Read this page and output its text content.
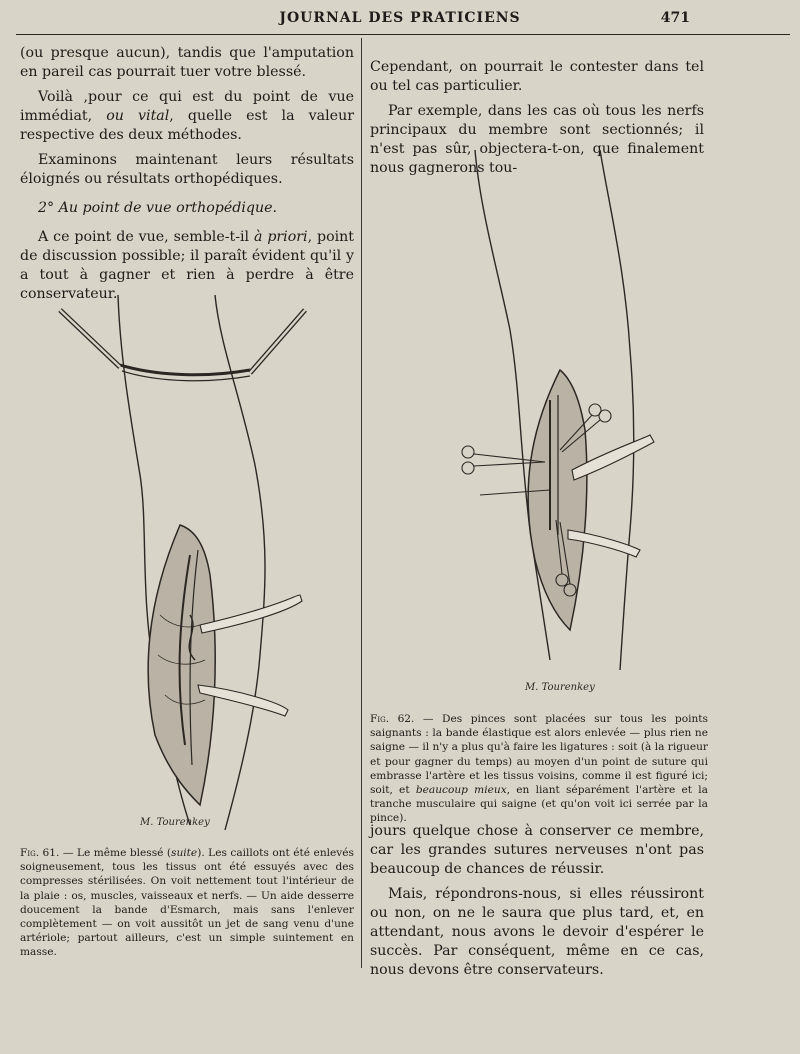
JOURNAL DES PRATICIENS	471

(ou presque aucun), tandis que l'amputation en pareil cas pourrait tuer votre blessé.

Voilà ,pour ce qui est du point de vue immédiat, ou vital, quelle est la valeur respective des deux méthodes.

Examinons maintenant leurs résultats éloignés ou résultats orthopédiques.

2° Au point de vue orthopédique.

A ce point de vue, semble-t-il à priori, point de discussion possible; il paraît évident qu'il y a tout à gagner et rien à perdre à être conservateur.

M. Tourenkey
Fig. 61. — Le même blessé (suite). Les caillots ont été enlevés soigneusement, tous les tissus ont été essuyés avec des compresses stérilisées. On voit nettement tout l'intérieur de la plaie : os, muscles, vaisseaux et nerfs. — Un aide desserre doucement la bande d'Esmarch, mais sans l'enlever complètement — on voit aussitôt un jet de sang venu d'une artériole; partout ailleurs, c'est un simple suintement en masse.

Cependant, on pourrait le contester dans tel ou tel cas particulier.

Par exemple, dans les cas où tous les nerfs principaux du membre sont sectionnés; il n'est pas sûr, objectera-t-on, que finalement nous gagnerons tou-

M. Tourenkey
Fig. 62. — Des pinces sont placées sur tous les points saignants : la bande élastique est alors enlevée — plus rien ne saigne — il n'y a plus qu'à faire les ligatures : soit (à la rigueur et pour gagner du temps) au moyen d'un point de suture qui embrasse l'artère et les tissus voisins, comme il est figuré ici; soit, et beaucoup mieux, en liant séparément l'artère et la tranche musculaire qui saigne (et qu'on voit ici serrée par la pince).

jours quelque chose à conserver ce membre, car les grandes sutures nerveuses n'ont pas beaucoup de chances de réussir.

Mais, répondrons-nous, si elles réussiront ou non, on ne le saura que plus tard, et, en attendant, nous avons le devoir d'espérer le succès. Par conséquent, même en ce cas, nous devons être conservateurs.
